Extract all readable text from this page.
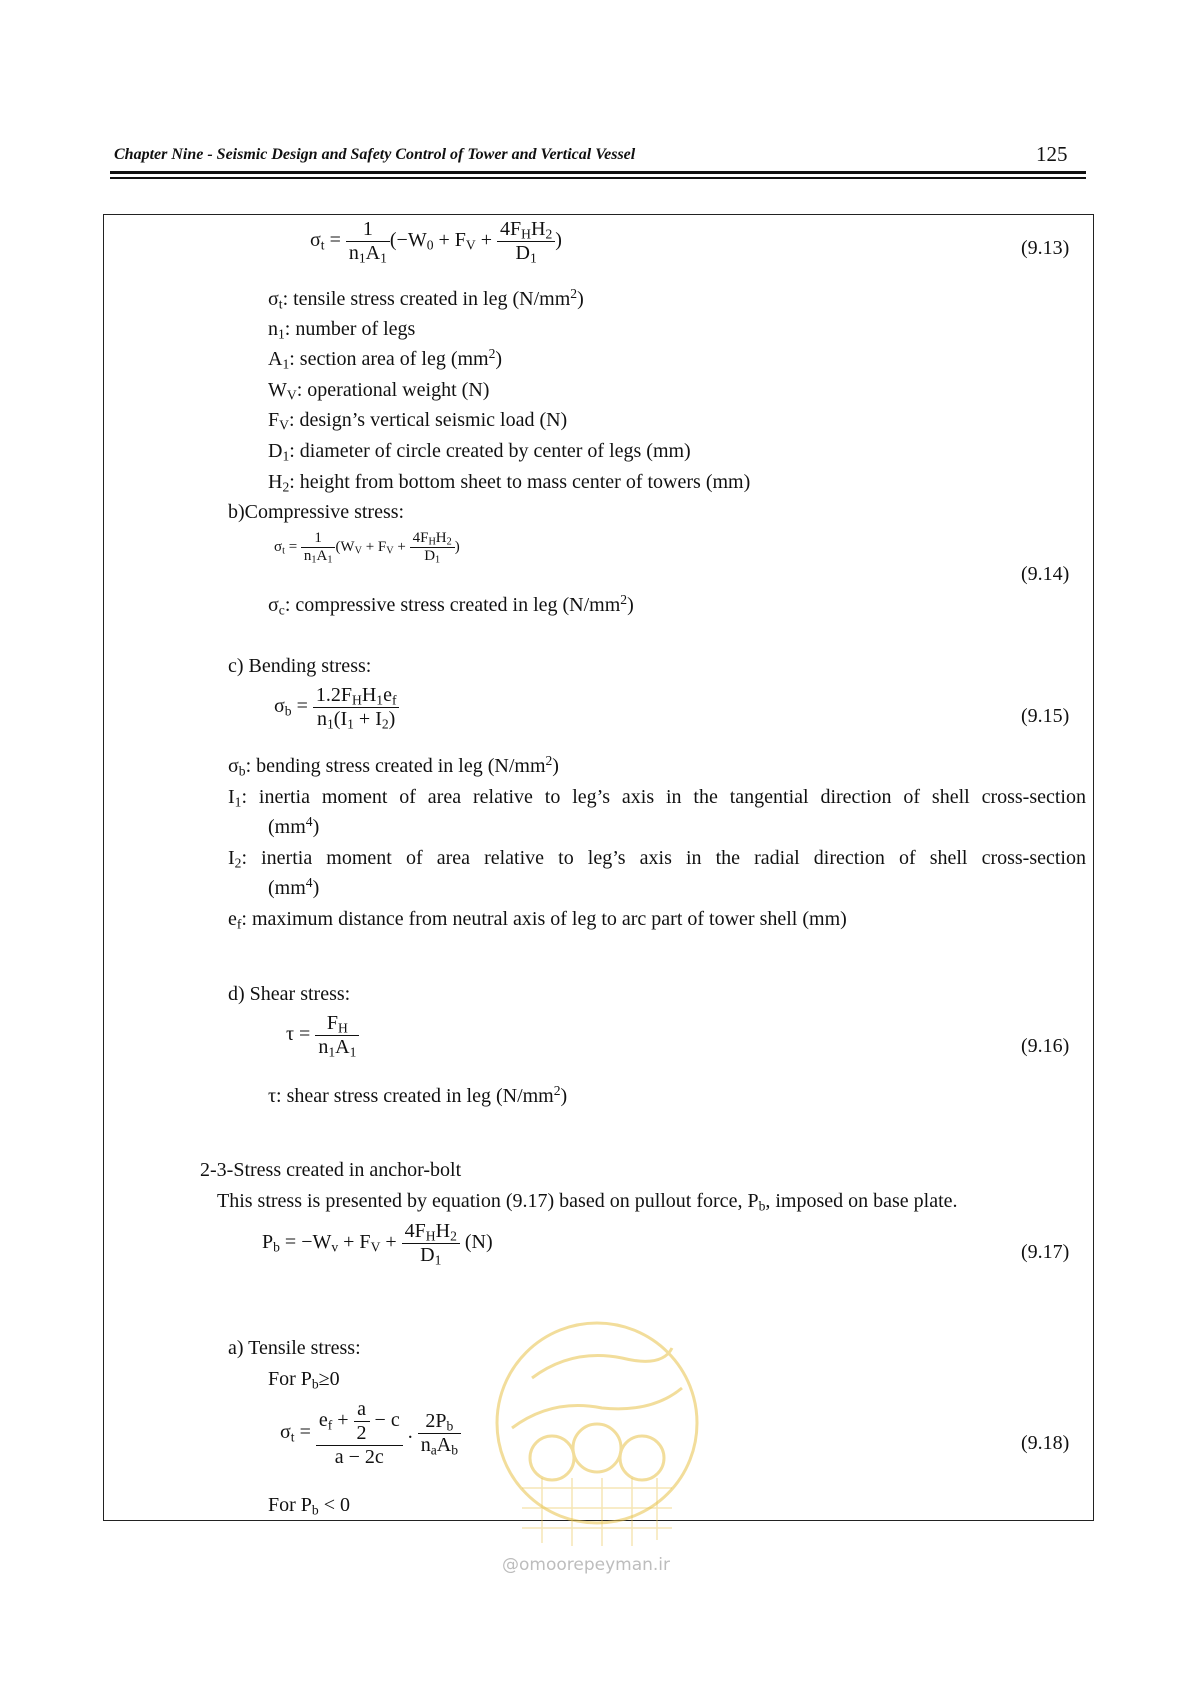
Chapter Nine - Seismic Design and Safety Control of Tower and Vertical Vessel	125
$\sigma_t = \frac{1}{n_1A_1} (-W_0 + F_V + \frac{4F_HH_2}{D_1}$ )	(9.13)
$\sigma_t$: tensile stress created in leg $(N/mm^2)$
$n_1$: number of legs
$A_1$: section area of leg $(mm^2)$
$W_V$: operational weight (N)
$F_V$: design’s vertical seismic load (N)
$D_1$: diameter of circle created by center of legs (mm)
$H_2$: height from bottom sheet to mass center of towers (mm)
b)Compressive stress:
$\sigma_t = \frac{1}{n_1A_1} (W_V + F_V + \frac{4F_HH_2}{D_1}$ )
(9.14)
$\sigma_c$: compressive stress created in leg $(N/mm^2)$
c) Bending stress:
$\sigma_b = \frac{1.2F_HH_1e_f}{n_1(I_1 + I_2)}$	(9.15)
$\sigma_b$: bending stress created in leg $(N/mm^2)$
$I_1$: inertia moment of area relative to leg’s axis in the tangential direction of shell cross-section
$(mm^4)$
$I_2$: inertia moment of area relative to leg’s axis in the radial direction of shell cross-section
$(mm^4)$
$e_f$: maximum distance from neutral axis of leg to arc part of tower shell (mm)
d) Shear stress:
$\tau = \frac{F_H}{n_1A_1}$	(9.16)
τ: shear stress created in leg $(N/mm^2)$
2-3-Stress created in anchor-bolt
This stress is presented by equation (9.17) based on pullout force, $P_b$, imposed on base plate.
$P_b = -W_v + F_V + \frac{4F_HH_2}{D_1} (N)$	(9.17)
a) Tensile stress:
For $P_b\ge 0$
$\sigma_t = \frac{e_f + \frac{a}{2} - c}{a - 2c}$ . $\frac{2P_b}{n_aA_b}$	(9.18)
For $P_b < 0$
@omoorepeyman.ir
